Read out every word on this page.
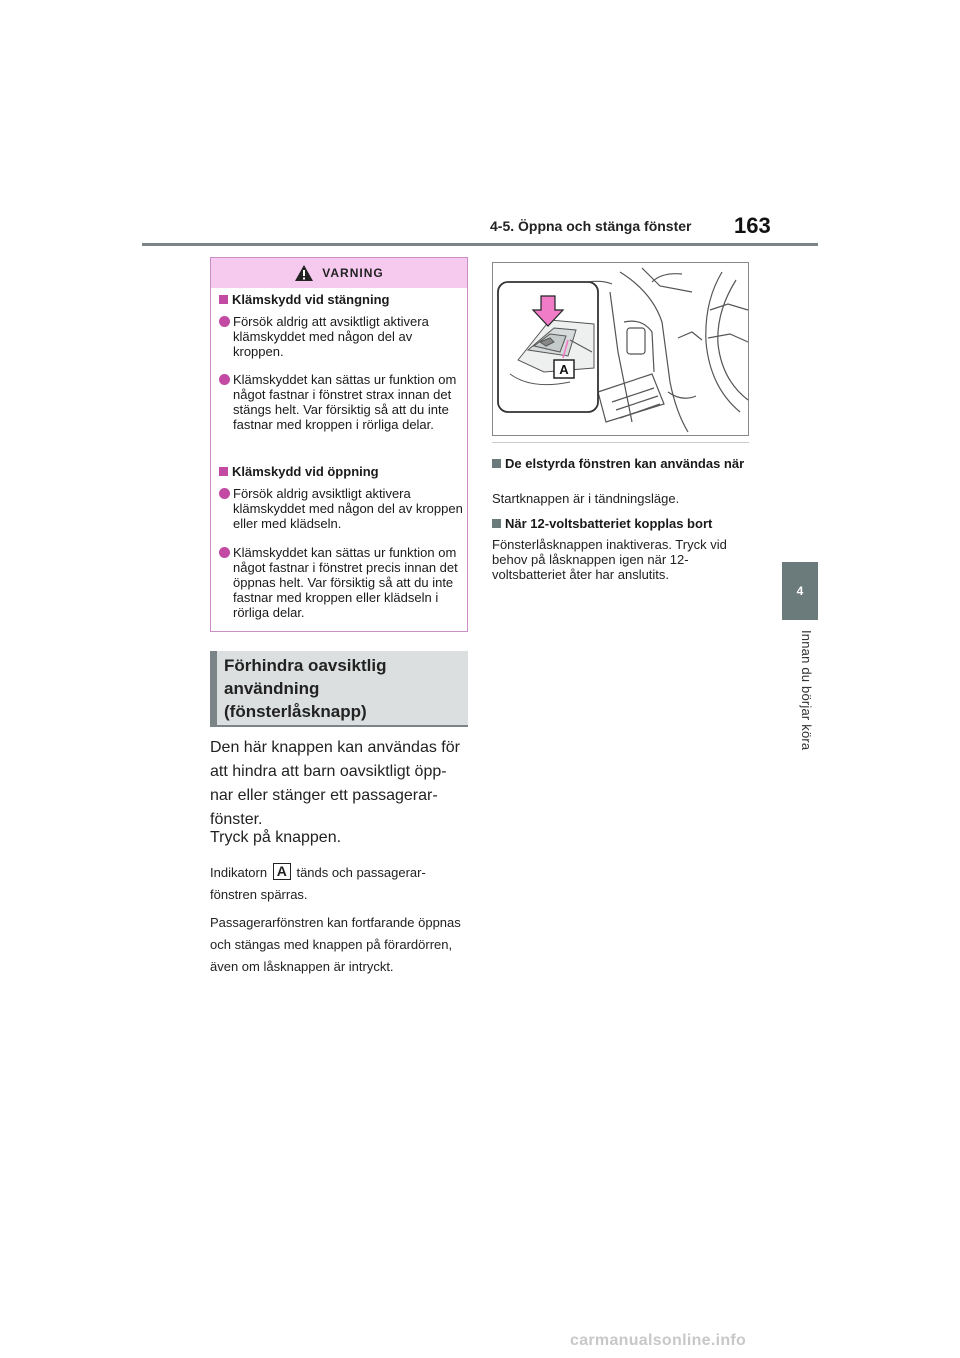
4-5. Öppna och stänga fönster 163
4
Innan du börjar köra
VARNING
Klämskydd vid stängning
Försök aldrig att avsiktligt aktivera klämskyddet med någon del av kroppen.
Klämskyddet kan sättas ur funktion om något fastnar i fönstret strax innan det stängs helt. Var försiktig så att du inte fastnar med kroppen i rörliga delar.
Klämskydd vid öppning
Försök aldrig avsiktligt aktivera klämskyddet med någon del av kroppen eller med klädseln.
Klämskyddet kan sättas ur funktion om något fastnar i fönstret precis innan det öppnas helt. Var försiktig så att du inte fastnar med kroppen eller klädseln i rörliga delar.
Förhindra oavsiktlig användning (fönsterlåsknapp)
Den här knappen kan användas för att hindra att barn oavsiktligt öpp-nar eller stänger ett passagerar-fönster.
Tryck på knappen.
Indikatorn A tänds och passagerar-fönstren spärras.
Passagerarfönstren kan fortfarande öppnas och stängas med knappen på förardörren, även om låsknappen är intryckt.
A
De elstyrda fönstren kan användas när
Startknappen är i tändningsläge.
När 12-voltsbatteriet kopplas bort
Fönsterlåsknappen inaktiveras. Tryck vid behov på låsknappen igen när 12-voltsbatteriet åter har anslutits.
carmanualsonline.info
